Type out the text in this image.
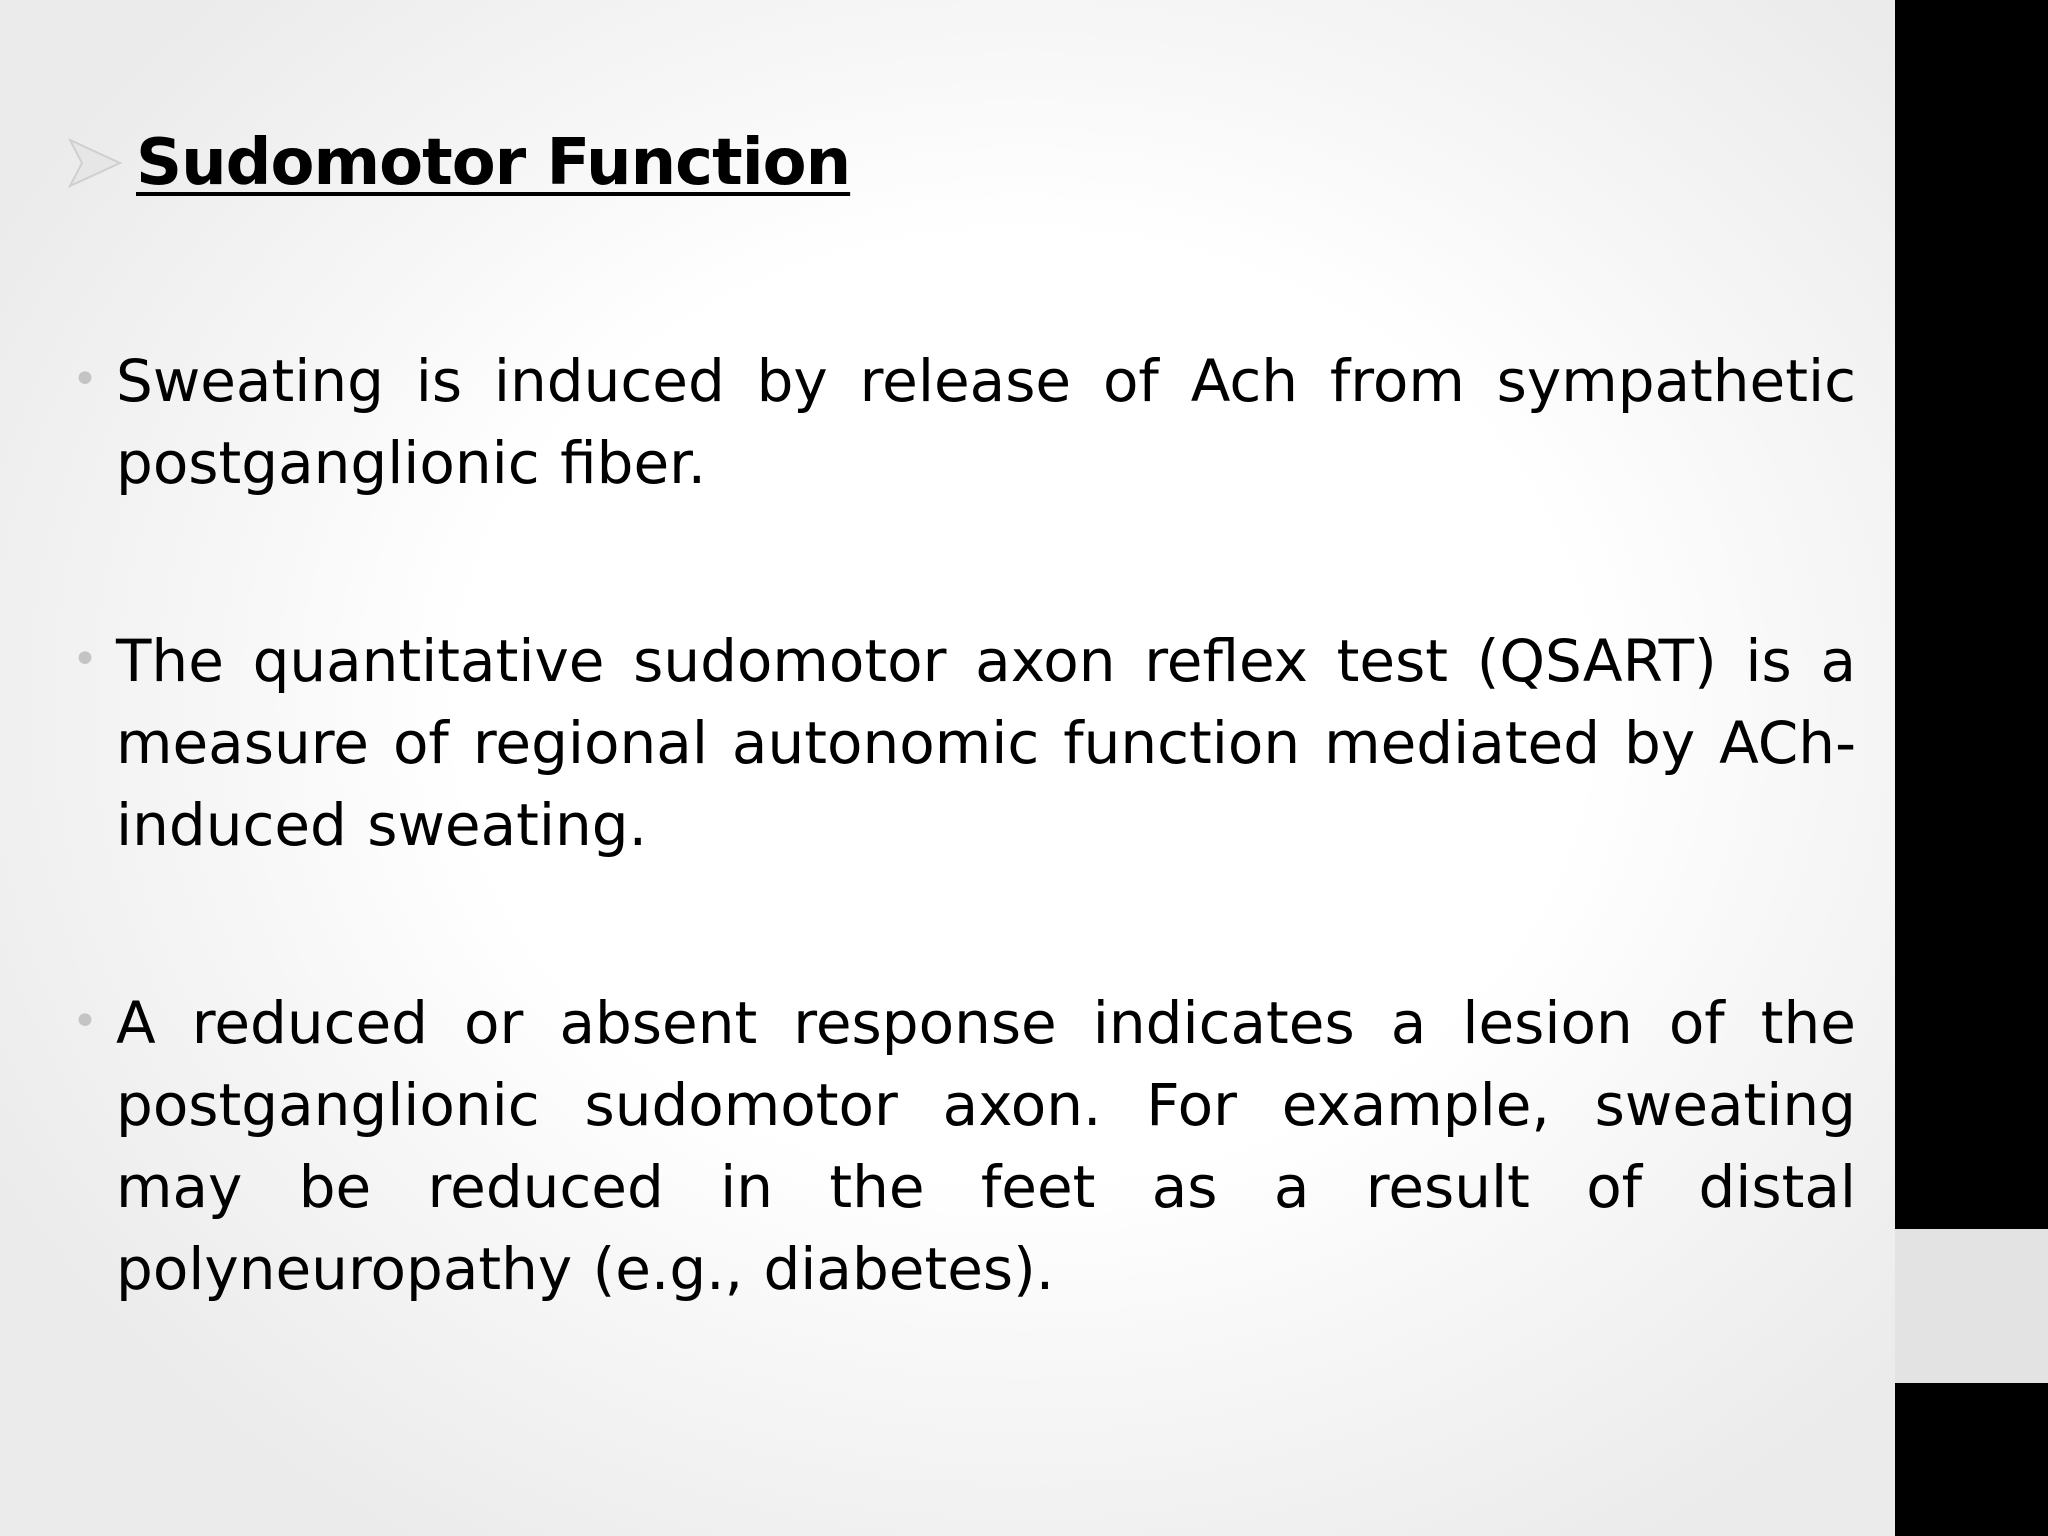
Sudomotor Function
• Sweating is induced by release of Ach from sympathetic postganglionic fiber.
• The quantitative sudomotor axon reflex test (QSART) is a measure of regional autonomic function mediated by ACh-induced sweating.
• A reduced or absent response indicates a lesion of the postganglionic sudomotor axon. For example, sweating may be reduced in the feet as a result of distal polyneuropathy (e.g., diabetes).
